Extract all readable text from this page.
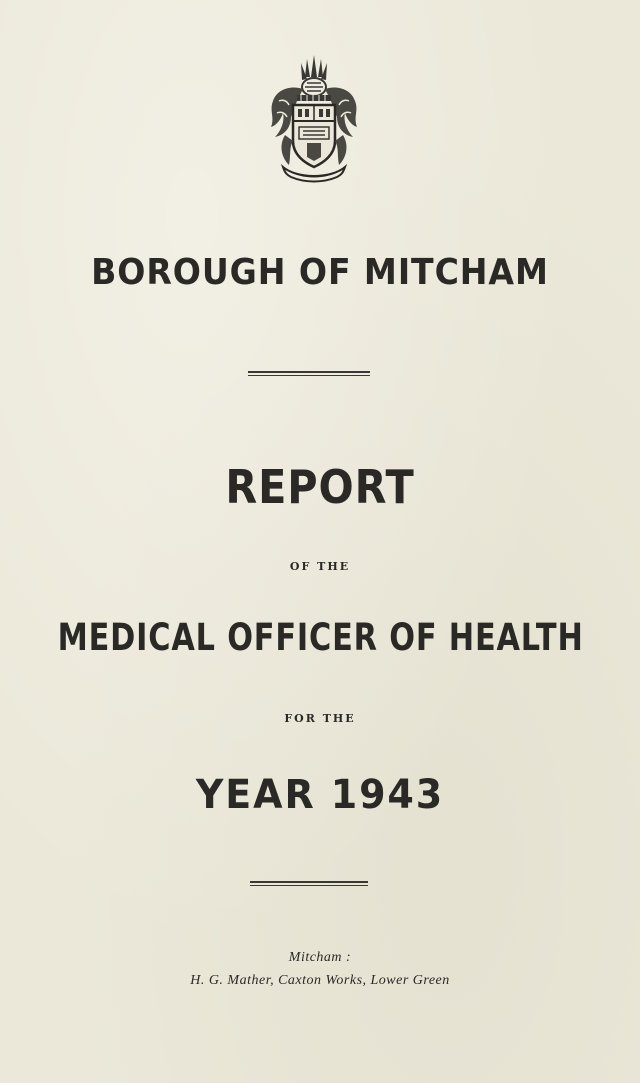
BOROUGH OF MITCHAM
REPORT
OF THE
MEDICAL OFFICER OF HEALTH
FOR THE
YEAR 1943
Mitcham :
H. G. Mather, Caxton Works, Lower Green
